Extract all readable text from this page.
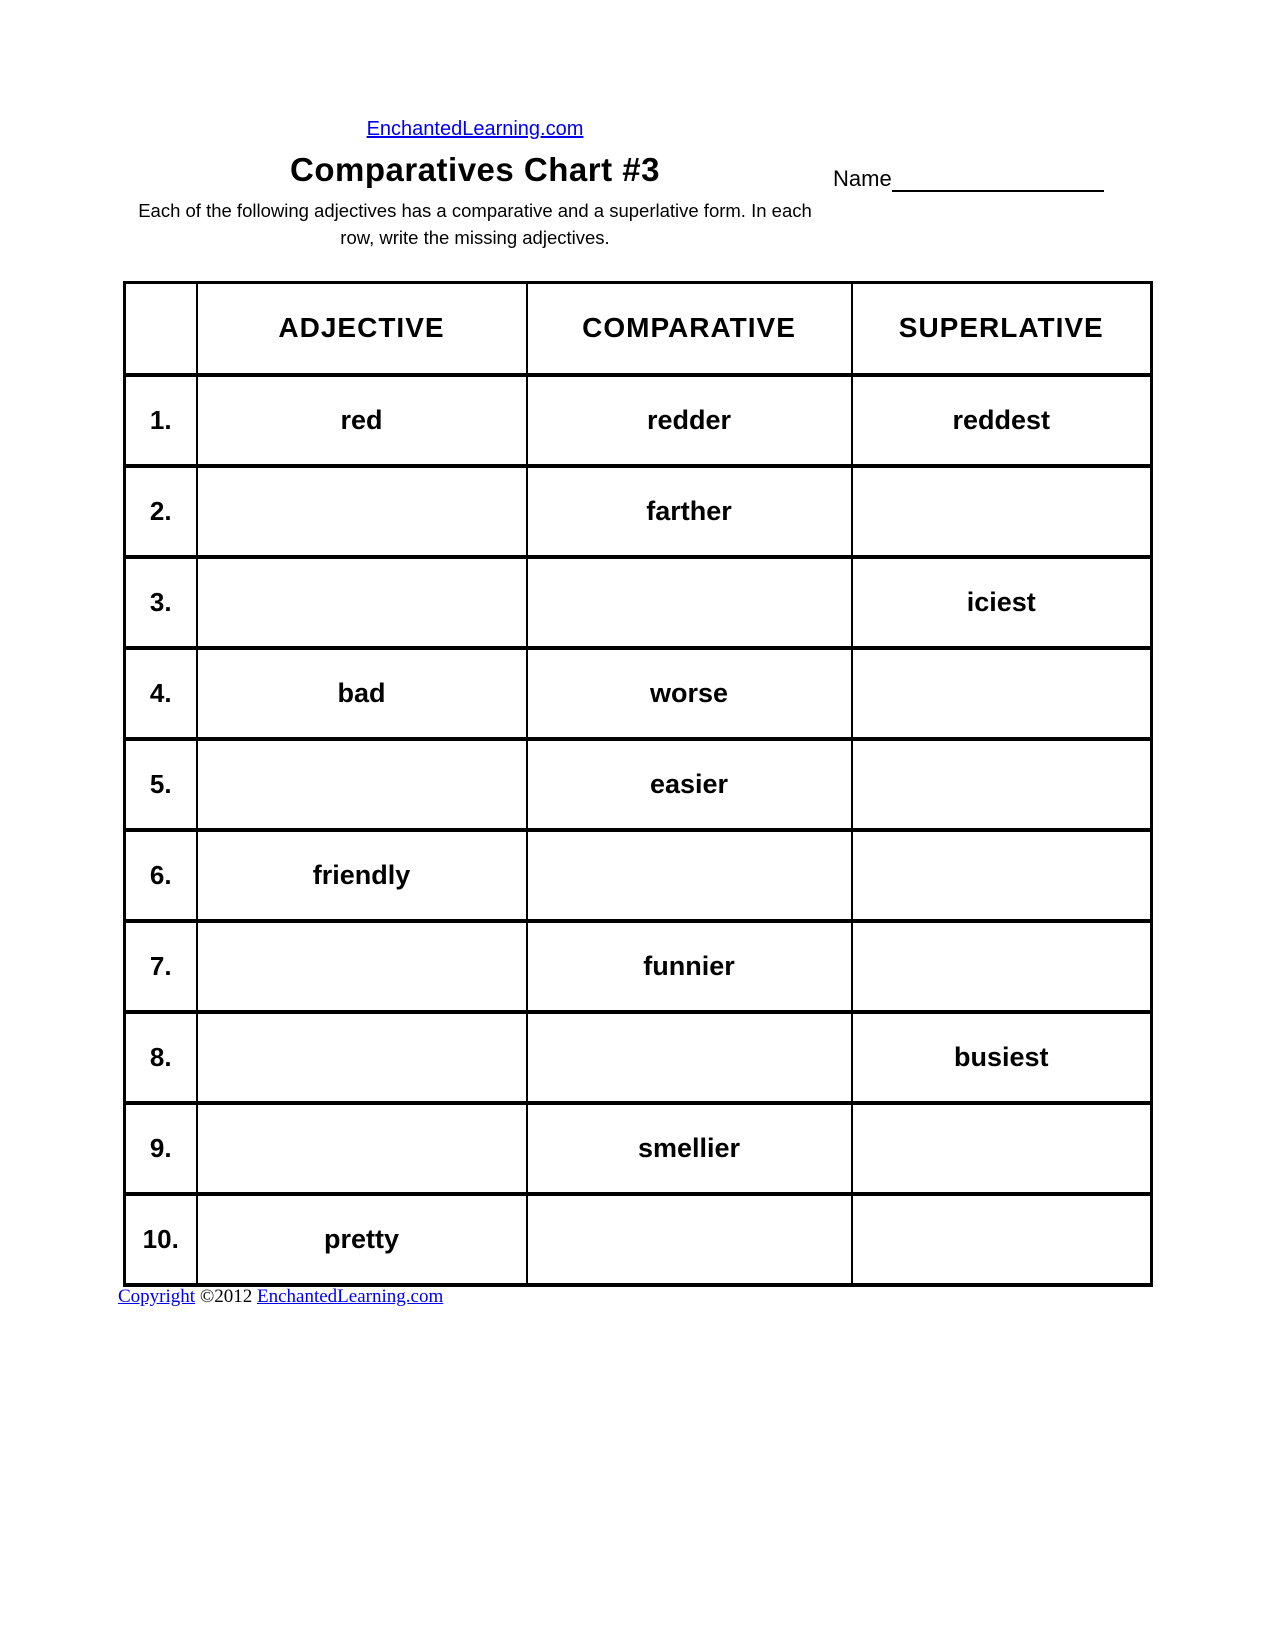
EnchantedLearning.com
Comparatives Chart #3
Each of the following adjectives has a comparative and a superlative form. In each
row, write the missing adjectives.
Name
	ADJECTIVE	COMPARATIVE	SUPERLATIVE
1.	red	redder	reddest
2.		farther	
3.			iciest
4.	bad	worse	
5.		easier	
6.	friendly		
7.		funnier	
8.			busiest
9.		smellier	
10.	pretty		
Copyright ©2012 EnchantedLearning.com
